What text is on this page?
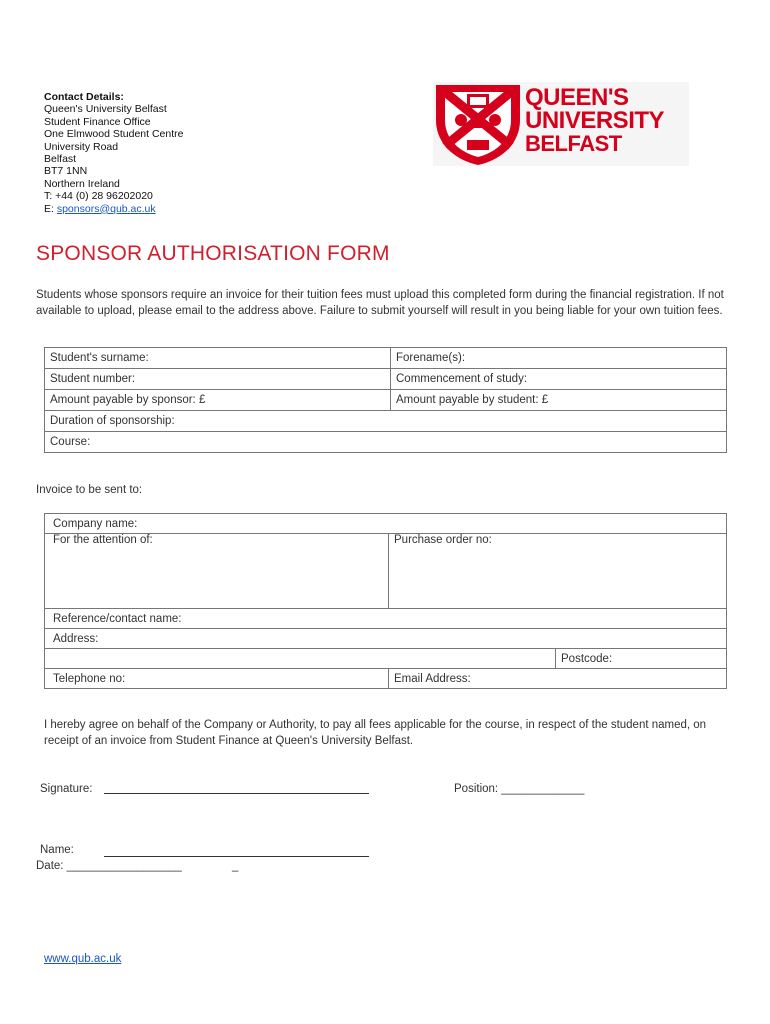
Contact Details:
Queen's University Belfast
Student Finance Office
One Elmwood Student Centre
University Road
Belfast
BT7 1NN
Northern Ireland
T: +44 (0) 28 96202020
E: sponsors@qub.ac.uk
QUEEN'S
UNIVERSITY
BELFAST
SPONSOR AUTHORISATION FORM
Students whose sponsors require an invoice for their tuition fees must upload this completed form during the financial registration. If not available to upload, please email to the address above. Failure to submit yourself will result in you being liable for your own tuition fees.
Student's surname:	Forename(s):
Student number:	Commencement of study:
Amount payable by sponsor: £	Amount payable by student: £
Duration of sponsorship:	
Course:	
Invoice to be sent to:
Company name:		
For the attention of:	Purchase order no:	
Reference/contact name:		
Address:		
		Postcode:
Telephone no:	Email Address:	
I hereby agree on behalf of the Company or Authority, to pay all fees applicable for the course, in respect of the student named, on receipt of an invoice from Student Finance at Queen's University Belfast.
Signature:	Position: _____________
Name:
Date: __________________	_
www.qub.ac.uk
